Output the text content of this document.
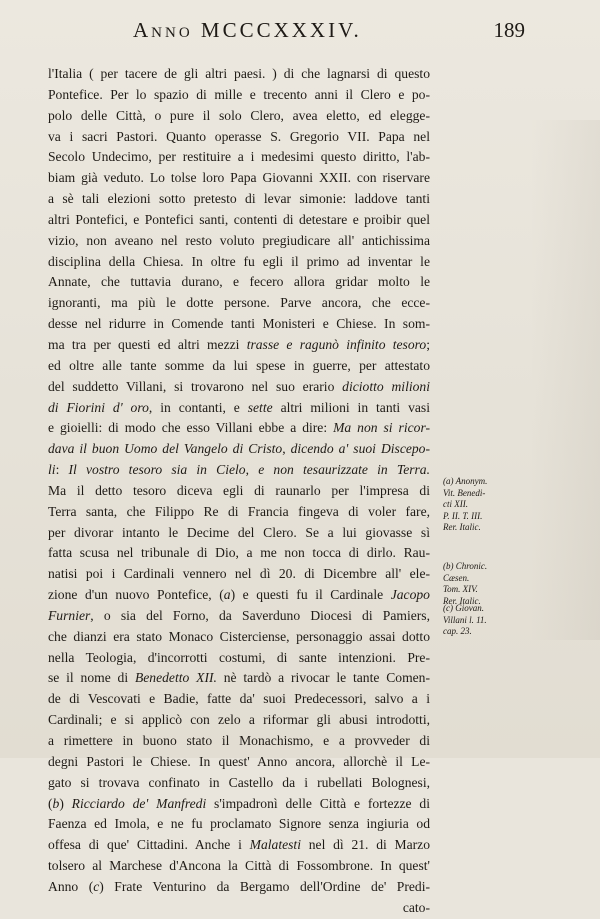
Anno MCCCXXXIV.	189
l'Italia ( per tacere de gli altri paesi. ) di che lagnarsi di questo
Pontefice. Per lo spazio di mille e trecento anni il Clero e po-
polo delle Città, o pure il solo Clero, avea eletto, ed elegge-
va i sacri Pastori. Quanto operasse S. Gregorio VII. Papa nel
Secolo Undecimo, per restituire a i medesimi questo diritto, l'ab-
biam già veduto. Lo tolse loro Papa Giovanni XXII. con riservare
a sè tali elezioni sotto pretesto di levar simonie: laddove tanti
altri Pontefici, e Pontefici santi, contenti di detestare e proibir quel
vizio, non aveano nel resto voluto pregiudicare all' antichissima
disciplina della Chiesa. In oltre fu egli il primo ad inventar le
Annate, che tuttavia durano, e fecero allora gridar molto le
ignoranti, ma più le dotte persone. Parve ancora, che ecce-
desse nel ridurre in Comende tanti Monisteri e Chiese. In som-
ma tra per questi ed altri mezzi trasse e ragunò infinito tesoro;
ed oltre alle tante somme da lui spese in guerre, per attestato
del suddetto Villani, si trovarono nel suo erario diciotto milioni
di Fiorini d' oro, in contanti, e sette altri milioni in tanti vasi
e gioielli: di modo che esso Villani ebbe a dire: Ma non si ricor-
dava il buon Uomo del Vangelo di Cristo, dicendo a' suoi Discepo-
li: Il vostro tesoro sia in Cielo, e non tesaurizzate in Terra.
Ma il detto tesoro diceva egli di raunarlo per l'impresa di
Terra santa, che Filippo Re di Francia fingeva di voler fare,
per divorar intanto le Decime del Clero. Se a lui giovasse sì
fatta scusa nel tribunale di Dio, a me non tocca di dirlo. Rau-
natisi poi i Cardinali vennero nel dì 20. di Dicembre all' ele-
zione d'un nuovo Pontefice, (a) e questi fu il Cardinale Jacopo
Furnier, o sia del Forno, da Saverduno Diocesi di Pamiers,
che dianzi era stato Monaco Cisterciense, personaggio assai dotto
nella Teologia, d'incorrotti costumi, di sante intenzioni. Pre-
se il nome di Benedetto XII. nè tardò a rivocar le tante Comen-
de di Vescovati e Badie, fatte da' suoi Predecessori, salvo a i
Cardinali; e si applicò con zelo a riformar gli abusi introdotti,
a rimettere in buono stato il Monachismo, e a provveder di
degni Pastori le Chiese. In quest' Anno ancora, allorchè il Le-
gato si trovava confinato in Castello da i rubellati Bolognesi,
(b) Ricciardo de' Manfredi s'impadronì delle Città e fortezze di
Faenza ed Imola, e ne fu proclamato Signore senza ingiuria od
offesa di que' Cittadini. Anche i Malatesti nel dì 21. di Marzo
tolsero al Marchese d'Ancona la Città di Fossombrone. In quest'
Anno (c) Frate Venturino da Bergamo dell'Ordine de' Predi-
cato-
(a) Anonym.
Vit. Benedi-
cti XII.
P. II. T. III.
Rer. Italic.
(b) Chronic.
Cæsen.
Tom. XIV.
Rer. Italic.
(c) Giovan.
Villani l. 11.
cap. 23.
